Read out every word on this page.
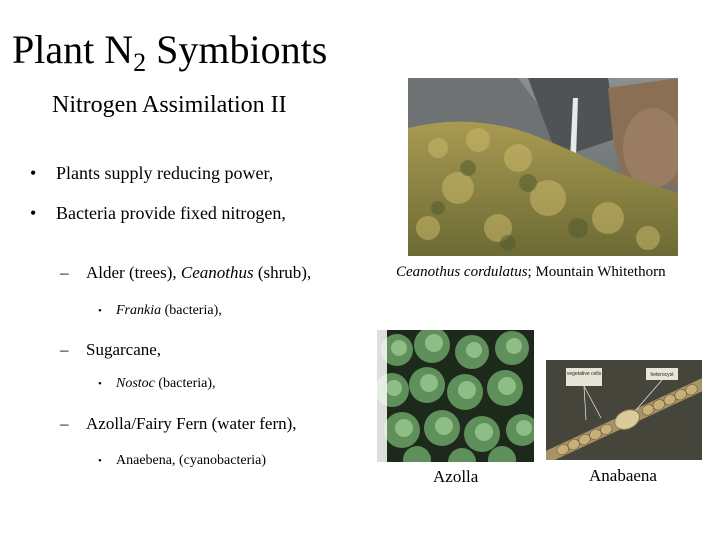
Plant $N_2$ Symbionts
Nitrogen Assimilation II
• Plants supply reducing power,
• Bacteria provide fixed nitrogen,
– Alder (trees), Ceanothus (shrub),
• Frankia (bacteria),
– Sugarcane,
• Nostoc (bacteria),
– Azolla/Fairy Fern (water fern),
• Anaebena, (cyanobacteria)
Ceanothus cordulatus; Mountain Whitethorn
Azolla
vegetative cells	heterocyst
Anabaena
